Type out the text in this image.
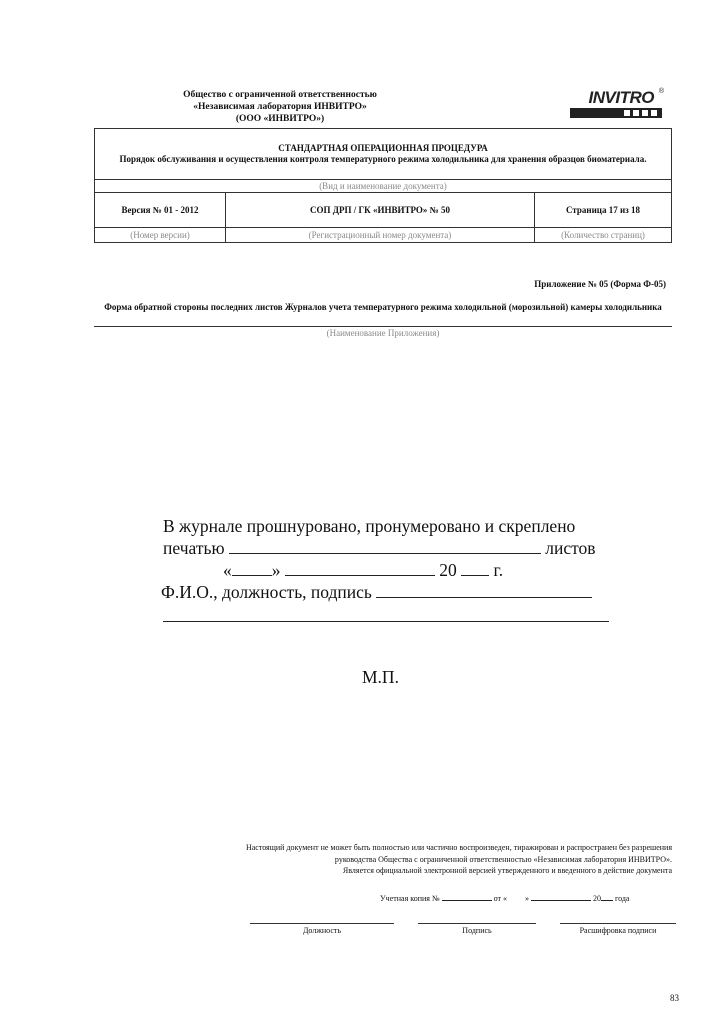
Общество с ограниченной ответственностью
«Независимая лаборатория ИНВИТРО»
(ООО «ИНВИТРО»)
INVITRO ®
СТАНДАРТНАЯ ОПЕРАЦИОННАЯ ПРОЦЕДУРА
Порядок обслуживания и осуществления контроля температурного режима холодильника для хранения образцов биоматериала.		

(Вид и наименование документа)		
Версия № 01 - 2012	СОП ДРП / ГК «ИНВИТРО» № 50	Страница 17 из 18
(Номер версии)	(Регистрационный номер документа)	(Количество страниц)
Приложение № 05 (Форма Ф-05)
Форма обратной стороны последних листов Журналов учета температурного режима холодильной (морозильной) камеры холодильника
(Наименование Приложения)
В журнале прошнуровано, пронумеровано и скреплено
печатью	листов
« »	20 г.
Ф.И.О., должность, подпись
М.П.
Настоящий документ не может быть полностью или частично воспроизведен, тиражирован и распространен без разрешения
руководства Общества с ограниченной ответственностью «Независимая лаборатория ИНВИТРО».
Является официальной электронной версией утвержденного и введенного в действие документа
Учетная копия №	от « »	20 года
Должность	Подпись	Расшифровка подписи
83
